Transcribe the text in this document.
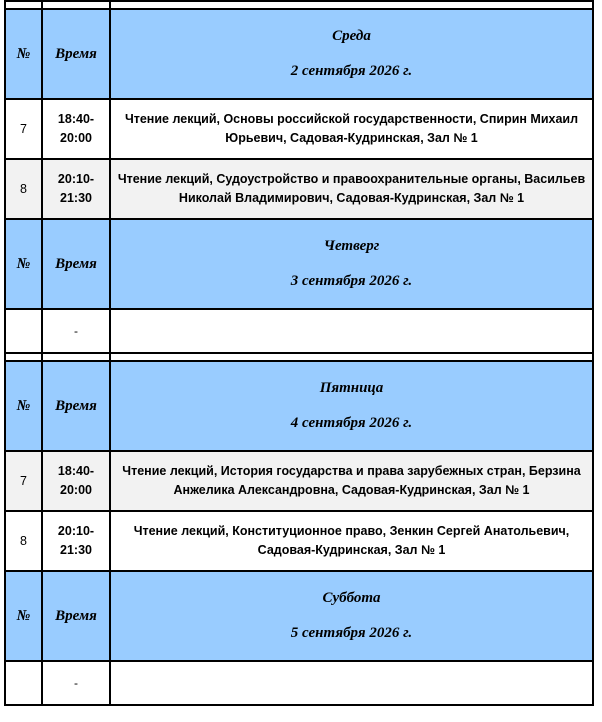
№	Время	Среда
2 сентября 2026 г.

7	18:40-20:00	Чтение лекций, Основы российской государственности, Спирин Михаил Юрьевич, Садовая-Кудринская, Зал № 1
8	20:10-21:30	Чтение лекций, Судоустройство и правоохранительные органы, Васильев Николай Владимирович, Садовая-Кудринская, Зал № 1
№	Время	Четверг
3 сентября 2026 г.

	-	

№	Время	Пятница
4 сентября 2026 г.

7	18:40-20:00	Чтение лекций, История государства и права зарубежных стран, Берзина Анжелика Александровна, Садовая-Кудринская, Зал № 1
8	20:10-21:30	Чтение лекций, Конституционное право, Зенкин Сергей Анатольевич, Садовая-Кудринская, Зал № 1
№	Время	Суббота
5 сентября 2026 г.

	-	
